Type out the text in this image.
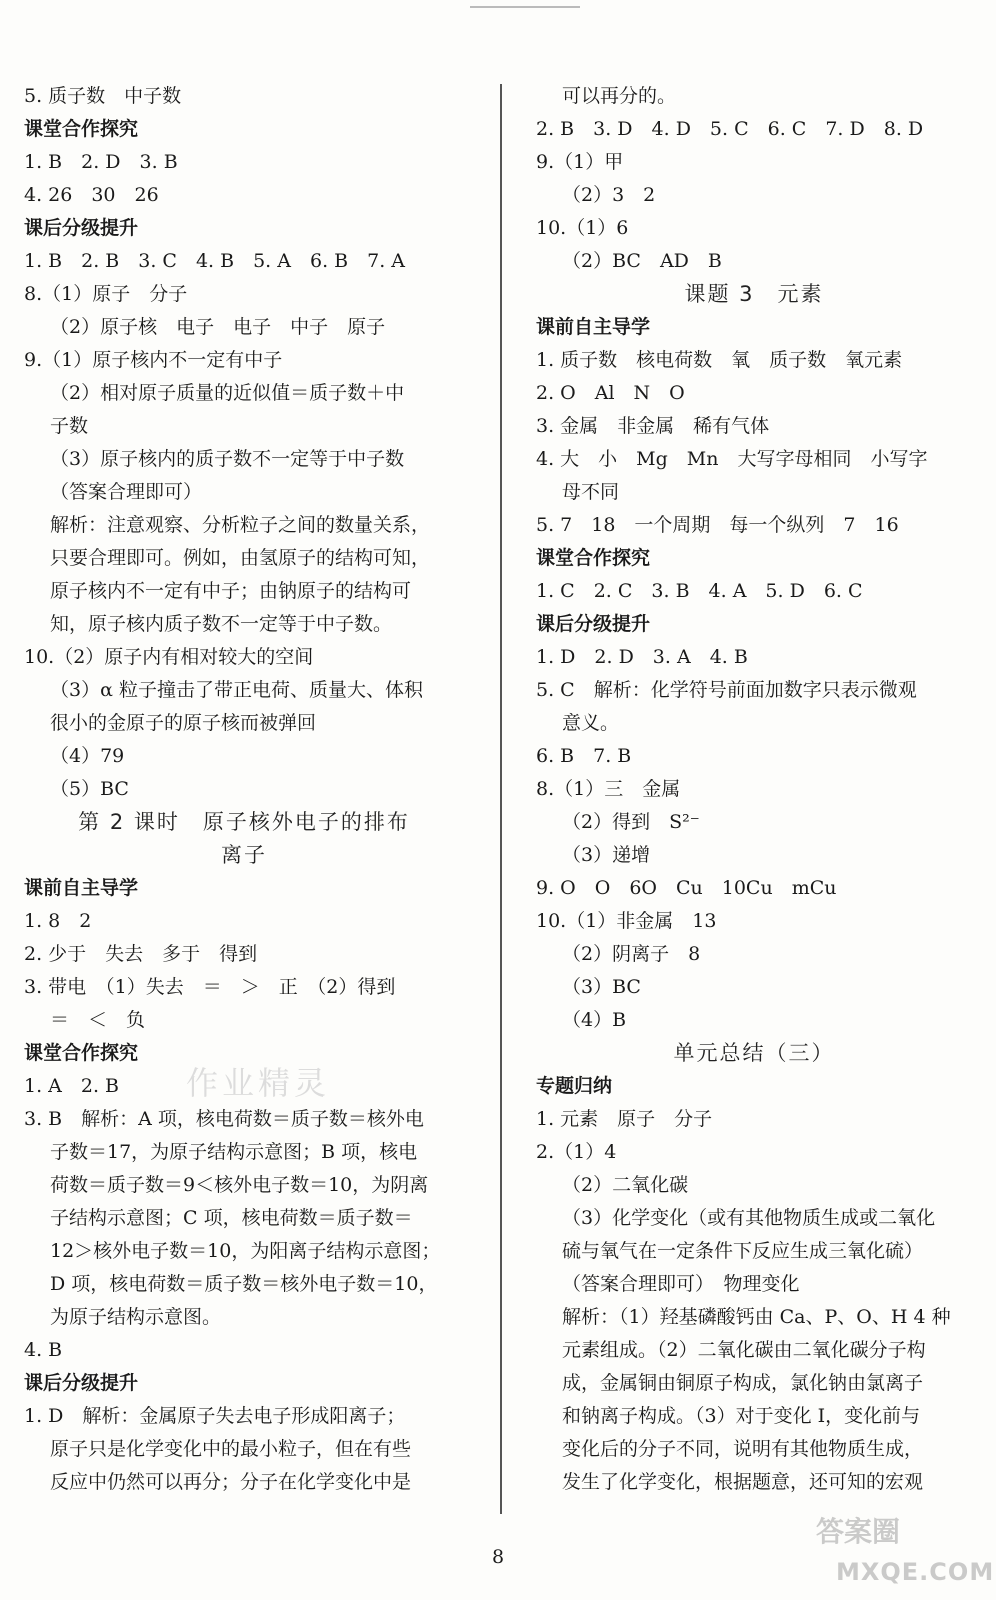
5. 质子数　中子数
课堂合作探究
1. B　2. D　3. B
4. 26　30　26
课后分级提升
1. B　2. B　3. C　4. B　5. A　6. B　7. A
8.（1）原子　分子
（2）原子核　电子　电子　中子　原子
9.（1）原子核内不一定有中子
（2）相对原子质量的近似值＝质子数＋中
子数
（3）原子核内的质子数不一定等于中子数
（答案合理即可）
解析：注意观察、分析粒子之间的数量关系，
只要合理即可。例如，由氢原子的结构可知，
原子核内不一定有中子；由钠原子的结构可
知，原子核内质子数不一定等于中子数。
10.（2）原子内有相对较大的空间
（3）α 粒子撞击了带正电荷、质量大、体积
很小的金原子的原子核而被弹回
（4）79
（5）BC
第 2 课时　原子核外电子的排布
离子
课前自主导学
1. 8　2
2. 少于　失去　多于　得到
3. 带电　（1）失去　＝　＞　正　（2）得到
＝　＜　负
课堂合作探究
1. A　2. B
3. B　解析：A 项，核电荷数＝质子数＝核外电
子数＝17，为原子结构示意图；B 项，核电
荷数＝质子数＝9＜核外电子数＝10，为阴离
子结构示意图；C 项，核电荷数＝质子数＝
12＞核外电子数＝10，为阳离子结构示意图；
D 项，核电荷数＝质子数＝核外电子数＝10，
为原子结构示意图。
4. B
课后分级提升
1. D　解析：金属原子失去电子形成阳离子；
原子只是化学变化中的最小粒子，但在有些
反应中仍然可以再分；分子在化学变化中是
可以再分的。
2. B　3. D　4. D　5. C　6. C　7. D　8. D
9.（1）甲
（2）3　2
10.（1）6
（2）BC　AD　B
课题 3　元素
课前自主导学
1. 质子数　核电荷数　氧　质子数　氧元素
2. O　Al　N　O
3. 金属　非金属　稀有气体
4. 大　小　Mg　Mn　大写字母相同　小写字
母不同
5. 7　18　一个周期　每一个纵列　7　16
课堂合作探究
1. C　2. C　3. B　4. A　5. D　6. C
课后分级提升
1. D　2. D　3. A　4. B
5. C　解析：化学符号前面加数字只表示微观
意义。
6. B　7. B
8.（1）三　金属
（2）得到　S²⁻
（3）递增
9. O　O　6O　Cu　10Cu　mCu
10.（1）非金属　13
（2）阴离子　8
（3）BC
（4）B
单元总结（三）
专题归纳
1. 元素　原子　分子
2.（1）4
（2）二氧化碳
（3）化学变化（或有其他物质生成或二氧化
硫与氧气在一定条件下反应生成三氧化硫）
（答案合理即可）　物理变化
解析：（1）羟基磷酸钙由 Ca、P、O、H 4 种
元素组成。（2）二氧化碳由二氧化碳分子构
成，金属铜由铜原子构成，氯化钠由氯离子
和钠离子构成。（3）对于变化 I，变化前与
变化后的分子不同，说明有其他物质生成，
发生了化学变化，根据题意，还可知的宏观
8
作业精灵
答案圈
MXQE.COM
